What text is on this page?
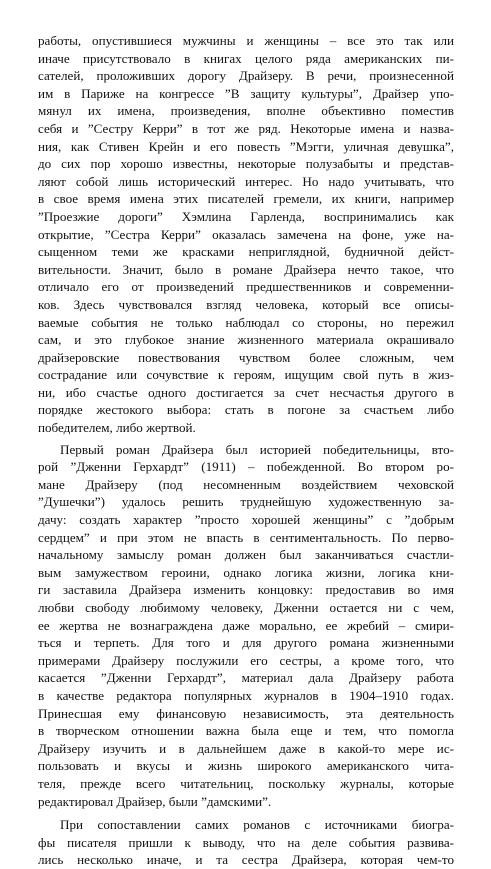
работы, опустившиеся мужчины и женщины – все это так или
иначе присутствовало в книгах целого ряда американских пи-
сателей, проложивших дорогу Драйзеру. В речи, произнесенной
им в Париже на конгрессе ”В защиту культуры”, Драйзер упо-
мянул их имена, произведения, вполне объективно поместив
себя и ”Сестру Керри” в тот же ряд. Некоторые имена и назва-
ния, как Стивен Крейн и его повесть ”Мэгги, уличная девушка”,
до сих пор хорошо известны, некоторые полузабыты и представ-
ляют собой лишь исторический интерес. Но надо учитывать, что
в свое время имена этих писателей гремели, их книги, например
”Проезжие дороги” Хэмлина Гарленда, воспринимались как
открытие, ”Сестра Керри” оказалась замечена на фоне, уже на-
сыщенном теми же красками неприглядной, будничной дейст-
вительности. Значит, было в романе Драйзера нечто такое, что
отличало его от произведений предшественников и современни-
ков. Здесь чувствовался взгляд человека, который все описы-
ваемые события не только наблюдал со стороны, но пережил
сам, и это глубокое знание жизненного материала окрашивало
драйзеровские повествования чувством более сложным, чем
сострадание или сочувствие к героям, ищущим свой путь в жиз-
ни, ибо счастье одного достигается за счет несчастья другого в
порядке жестокого выбора: стать в погоне за счастьем либо
победителем, либо жертвой.
Первый роман Драйзера был историей победительницы, вто-
рой ”Дженни Герхардт” (1911) – побежденной. Во втором ро-
мане Драйзеру (под несомненным воздействием чеховской
”Душечки”) удалось решить труднейшую художественную за-
дачу: создать характер ”просто хорошей женщины” с ”добрым
сердцем” и при этом не впасть в сентиментальность. По перво-
начальному замыслу роман должен был заканчиваться счастли-
вым замужеством героини, однако логика жизни, логика кни-
ги заставила Драйзера изменить концовку: предоставив во имя
любви свободу любимому человеку, Дженни остается ни с чем,
ее жертва не вознаграждена даже морально, ее жребий – смири-
ться и терпеть. Для того и для другого романа жизненными
примерами Драйзеру послужили его сестры, а кроме того, что
касается ”Дженни Герхардт”, материал дала Драйзеру работа
в качестве редактора популярных журналов в 1904–1910 годах.
Принесшая ему финансовую независимость, эта деятельность
в творческом отношении важна была еще и тем, что помогла
Драйзеру изучить и в дальнейшем даже в какой-то мере ис-
пользовать и вкусы и жизнь широкого американского чита-
теля, прежде всего читательниц, поскольку журналы, которые
редактировал Драйзер, были ”дамскими”.
При сопоставлении самих романов с источниками биогра-
фы писателя пришли к выводу, что на деле события развива-
лись несколько иначе, и та сестра Драйзера, которая чем-то
